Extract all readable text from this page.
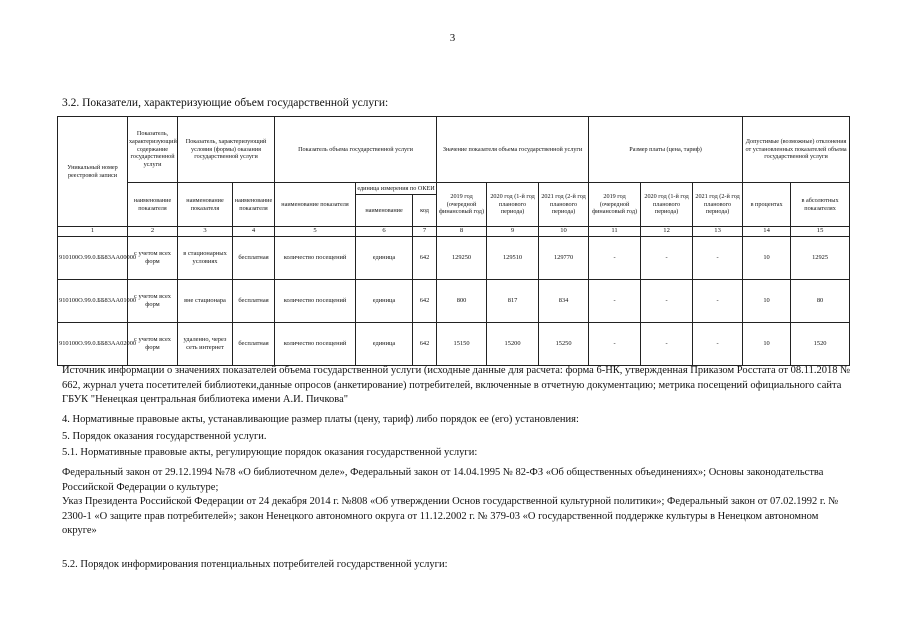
3
3.2. Показатели, характеризующие объем государственной услуги:
Уникальный номер реестровой записи	Показатель, характеризующий содержание государственной услуги	Показатель, характеризующий условия (формы) оказания государственной услуги		Показатель объема государственной услуги			Значение показателя объема государственной услуги			Размер платы (цена, тариф)			Допустимые (возможные) отклонения от установленных показателей объема государственной услуги	
	наименование показателя	наименование показателя	наименование показателя	наименование показателя	единица измерения по ОКЕИ		2019 год (очередной финансовый год)	2020 год (1-й год планового периода)	2021 год (2-й год планового периода)	2019 год (очередной финансовый год)	2020 год (1-й год планового периода)	2021 год (2-й год планового периода)	в процентах	в абсолютных показателях
					наименование	код								
1	2	3	4	5	6	7	8	9	10	11	12	13	14	15
910100О.99.0.ББ83АА00000	с учетом всех форм	в стационарных условиях	бесплатная	количество посещений	единица	642	129250	129510	129770	-	-	-	10	12925
910100О.99.0.ББ83АА01000	с учетом всех форм	вне стационара	бесплатная	количество посещений	единица	642	800	817	834	-	-	-	10	80
910100О.99.0.ББ83АА02000	с учетом всех форм	удаленно, через сеть интернет	бесплатная	количество посещений	единица	642	15150	15200	15250	-	-	-	10	1520
Источник информации о значениях показателей объема государственной услуги (исходные данные для расчета: форма 6-НК, утвержденная Приказом Росстата от 08.11.2018 № 662, журнал учета посетителей библиотеки,данные опросов (анкетирование) потребителей, включенные в отчетную документацию; метрика посещений официального сайта ГБУК "Ненецкая центральная библиотека имени А.И. Пичкова"
4. Нормативные правовые акты, устанавливающие размер платы (цену, тариф) либо порядок ее (его) установления:
5. Порядок оказания государственной услуги.
5.1. Нормативные правовые акты, регулирующие порядок оказания государственной услуги:
Федеральный закон от 29.12.1994 №78 «О библиотечном деле», Федеральный закон от 14.04.1995 № 82-ФЗ «Об общественных объединениях»; Основы законодательства Российской Федерации о культуре;
Указ Президента Российской Федерации от 24 декабря 2014 г. №808 «Об утверждении Основ государственной культурной политики»; Федеральный закон от 07.02.1992 г. № 2300-1 «О защите прав потребителей»; закон Ненецкого автономного округа от 11.12.2002 г. № 379-03 «О государственной поддержке культуры в Ненецком автономном округе»
5.2. Порядок информирования потенциальных потребителей государственной услуги:
